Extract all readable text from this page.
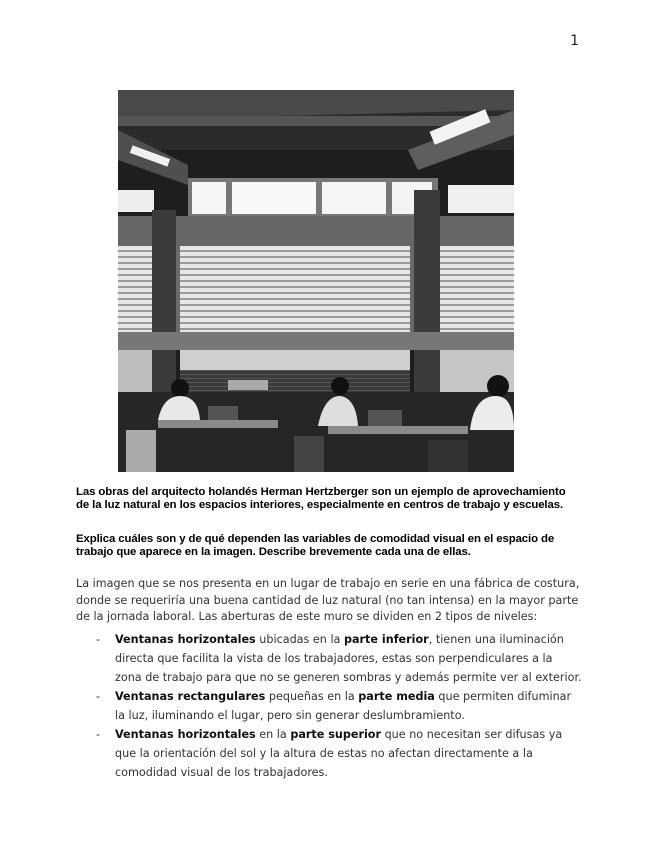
1
Las obras del arquitecto holandés Herman Hertzberger son un ejemplo de aprovechamiento de la luz natural en los espacios interiores, especialmente en centros de trabajo y escuelas.
Explica cuáles son y de qué dependen las variables de comodidad visual en el espacio de trabajo que aparece en la imagen. Describe brevemente cada una de ellas.
La imagen que se nos presenta en un lugar de trabajo en serie en una fábrica de costura, donde se requeriría una buena cantidad de luz natural (no tan intensa) en la mayor parte de la jornada laboral. Las aberturas de este muro se dividen en 2 tipos de niveles:
- Ventanas horizontales ubicadas en la parte inferior, tienen una iluminación directa que facilita la vista de los trabajadores, estas son perpendiculares a la zona de trabajo para que no se generen sombras y además permite ver al exterior.
- Ventanas rectangulares pequeñas en la parte media que permiten difuminar la luz, iluminando el lugar, pero sin generar deslumbramiento.
- Ventanas horizontales en la parte superior que no necesitan ser difusas ya que la orientación del sol y la altura de estas no afectan directamente a la comodidad visual de los trabajadores.
